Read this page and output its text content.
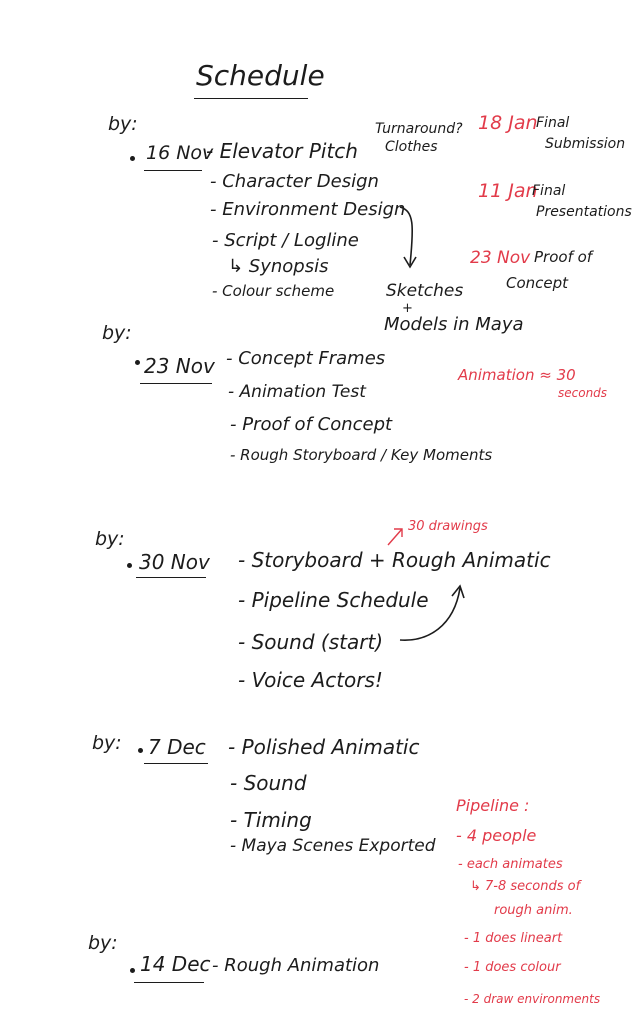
Schedule
by:
16 Nov
- Elevator Pitch
- Character Design
- Environment Design
- Script / Logline
↳ Synopsis
- Colour scheme
Turnaround?
Clothes
Sketches
+
Models in Maya
18 Jan
Final
Submission
11 Jan
Final
Presentations
23 Nov Proof of
Concept
by:
23 Nov - Concept Frames
- Animation Test
- Proof of Concept
- Rough Storyboard / Key Moments
Animation ≈ 30
seconds
by:
30 Nov
30 drawings
- Storyboard + Rough Animatic
- Pipeline Schedule
- Sound (start)
- Voice Actors!
by: 7 Dec - Polished Animatic
- Sound
- Timing
- Maya Scenes Exported
Pipeline :
- 4 people
- each animates
↳ 7-8 seconds of
rough anim.
- 1 does lineart
- 1 does colour
- 2 draw environments
by:
14 Dec - Rough Animation
